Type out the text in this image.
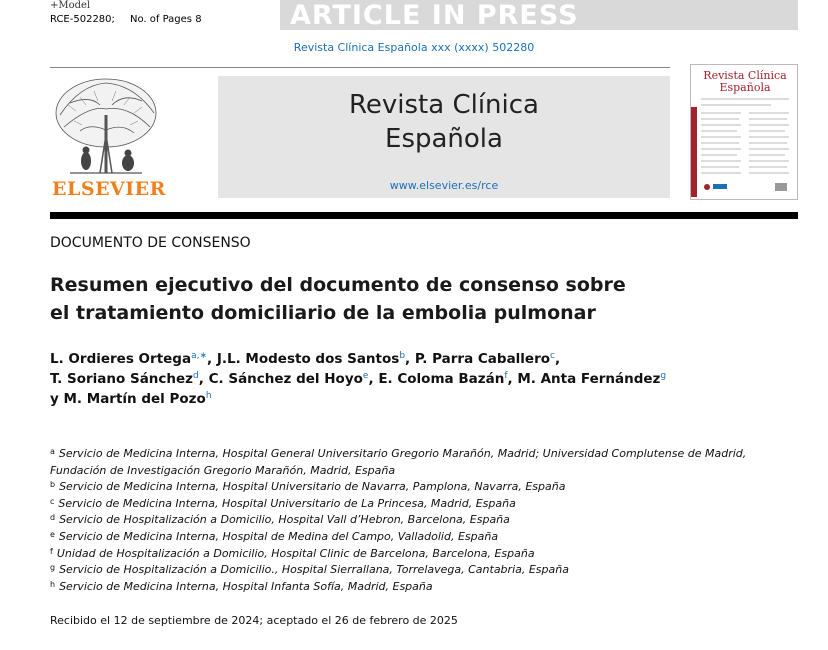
+Model
RCE-502280; No. of Pages 8	ARTICLE IN PRESS
Revista Clínica Española xxx (xxxx) 502280
ELSEVIER
Revista Clínica
Española
www.elsevier.es/rce
Revista Clínica
Española
DOCUMENTO DE CONSENSO
Resumen ejecutivo del documento de consenso sobre
el tratamiento domiciliario de la embolia pulmonar
L. Ordieres Ortega$^{a,∗}$, J.L. Modesto dos Santos$^b$, P. Parra Caballero$^c$,
T. Soriano Sánchez$^d$, C. Sánchez del Hoyo$^e$, E. Coloma Bazán$^f$, M. Anta Fernández$^g$
y M. Martín del Pozo$^h$
$^a$ Servicio de Medicina Interna, Hospital General Universitario Gregorio Marañón, Madrid; Universidad Complutense de Madrid,
Fundación de Investigación Gregorio Marañón, Madrid, España
$^b$ Servicio de Medicina Interna, Hospital Universitario de Navarra, Pamplona, Navarra, España
$^c$ Servicio de Medicina Interna, Hospital Universitario de La Princesa, Madrid, España
$^d$ Servicio de Hospitalización a Domicilio, Hospital Vall d’Hebron, Barcelona, España
$^e$ Servicio de Medicina Interna, Hospital de Medina del Campo, Valladolid, España
$^f$ Unidad de Hospitalización a Domicilio, Hospital Clinic de Barcelona, Barcelona, España
$^g$ Servicio de Hospitalización a Domicilio., Hospital Sierrallana, Torrelavega, Cantabria, España
$^h$ Servicio de Medicina Interna, Hospital Infanta Sofía, Madrid, España
Recibido el 12 de septiembre de 2024; aceptado el 26 de febrero de 2025
